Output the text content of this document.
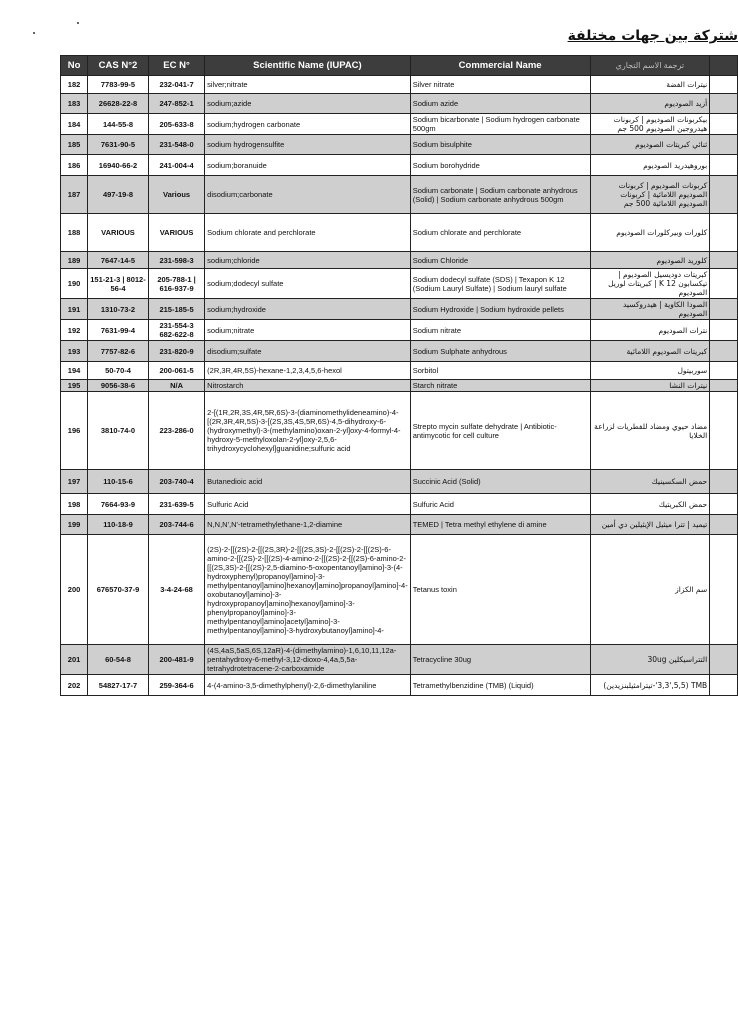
شتركة بين جهات مختلفة
No	CAS N°2	EC N°	Scientific Name (IUPAC)	Commercial Name	ترجمة الاسم التجاري	
182	7783-99-5	232-041-7	silver;nitrate	Silver nitrate	نيترات الفضة	
183	26628-22-8	247-852-1	sodium;azide	Sodium azide	أزيد الصوديوم	
184	144-55-8	205-633-8	sodium;hydrogen carbonate	Sodium bicarbonate | Sodium hydrogen carbonate 500gm	بيكربونات الصوديوم | كربونات هيدروجين الصوديوم 500 جم	
185	7631-90-5	231-548-0	sodium hydrogensulfite	Sodium bisulphite	ثنائي كبريتات الصوديوم	
186	16940-66-2	241-004-4	sodium;boranuide	Sodium borohydride	بوروهيدريد الصوديوم	
187	497-19-8	Various	disodium;carbonate	Sodium carbonate | Sodium carbonate anhydrous (Solid) | Sodium carbonate anhydrous 500gm	كربونات الصوديوم | كربونات الصوديوم اللامائية | كربونات الصوديوم اللامائية 500 جم	
188	VARIOUS	VARIOUS	Sodium chlorate and perchlorate	Sodium chlorate and perchlorate	كلورات وبيركلورات الصوديوم	
189	7647-14-5	231-598-3	sodium;chloride	Sodium Chloride	كلوريد الصوديوم	
190	151-21-3 | 8012-56-4	205-788-1 | 616-937-9	sodium;dodecyl sulfate	Sodium dodecyl sulfate (SDS) | Texapon K 12 (Sodium Lauryl Sulfate) | Sodium lauryl sulfate	كبريتات دوديسيل الصوديوم | تيكسابون K 12 | كبريتات لوريل الصوديوم	
191	1310-73-2	215-185-5	sodium;hydroxide	Sodium Hydroxide | Sodium hydroxide pellets	الصودا الكاوية | هيدروكسيد الصوديوم	
192	7631-99-4	231-554-3 682-622-8	sodium;nitrate	Sodium nitrate	نترات الصوديوم	
193	7757-82-6	231-820-9	disodium;sulfate	Sodium Sulphate anhydrous	كبريتات الصوديوم اللامائية	
194	50-70-4	200-061-5	(2R,3R,4R,5S)-hexane-1,2,3,4,5,6-hexol	Sorbitol	سوربيتول	
195	9056-38-6	N/A	Nitrostarch	Starch nitrate	نيترات النشا	
196	3810-74-0	223-286-0	2-[(1R,2R,3S,4R,5R,6S)-3-(diaminomethylideneamino)-4-[(2R,3R,4R,5S)-3-[(2S,3S,4S,5R,6S)-4,5-dihydroxy-6-(hydroxymethyl)-3-(methylamino)oxan-2-yl]oxy-4-formyl-4-hydroxy-5-methyloxolan-2-yl]oxy-2,5,6-trihydroxycyclohexyl]guanidine;sulfuric acid	Strepto mycin sulfate dehydrate | Antibiotic-antimycotic for cell culture	مضاد حيوي ومضاد للفطريات لزراعة الخلايا	
197	110-15-6	203-740-4	Butanedioic acid	Succinic Acid (Solid)	حمض السكسينيك	
198	7664-93-9	231-639-5	Sulfuric Acid	Sulfuric Acid	حمض الكبريتيك	
199	110-18-9	203-744-6	N,N,N',N'-tetramethylethane-1,2-diamine	TEMED | Tetra methyl ethylene di amine	تيميد | تترا ميثيل الإيثيلين دي أمين	
200	676570-37-9	3-4-24-68	(2S)-2-[[(2S)-2-[[(2S,3R)-2-[[(2S,3S)-2-[[(2S)-2-[[(2S)-6-amino-2-[[(2S)-2-[[(2S)-4-amino-2-[[(2S)-2-[[(2S)-6-amino-2-[[(2S,3S)-2-[[(2S)-2,5-diamino-5-oxopentanoyl]amino]-3-(4-hydroxyphenyl)propanoyl]amino]-3-methylpentanoyl]amino]hexanoyl]amino]propanoyl]amino]-4-oxobutanoyl]amino]-3-hydroxypropanoyl]amino]hexanoyl]amino]-3-phenylpropanoyl]amino]-3-methylpentanoyl]amino]acetyl]amino]-3-methylpentanoyl]amino]-3-hydroxybutanoyl]amino]-4-	Tetanus toxin	سم الكزاز	
201	60-54-8	200-481-9	(4S,4aS,5aS,6S,12aR)-4-(dimethylamino)-1,6,10,11,12a-pentahydroxy-6-methyl-3,12-dioxo-4,4a,5,5a-tetrahydrotetracene-2-carboxamide	Tetracycline 30ug	التتراسيكلين 30ug	
202	54827-17-7	259-364-6	4-(4-amino-3,5-dimethylphenyl)-2,6-dimethylaniline	Tetramethylbenzidine (TMB) (Liquid)	TMB (3,3',5,5'-تيترامثيلبنزيدين)	
